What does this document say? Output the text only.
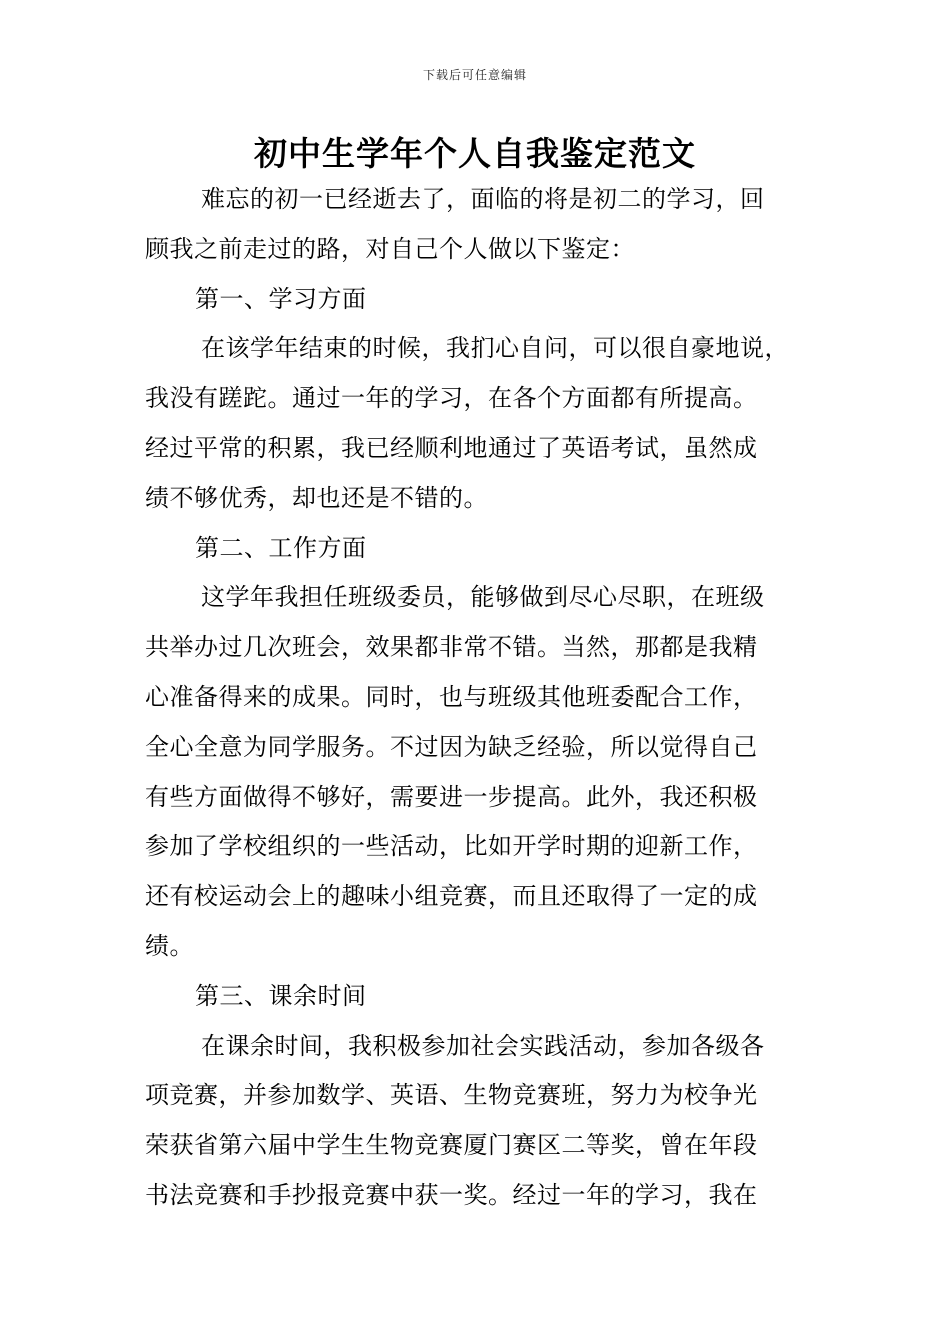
下载后可任意编辑
初中生学年个人自我鉴定范文
难忘的初一已经逝去了，面临的将是初二的学习，回
顾我之前走过的路，对自己个人做以下鉴定：
第一、学习方面
在该学年结束的时候，我扪心自问，可以很自豪地说，
我没有蹉跎。通过一年的学习，在各个方面都有所提高。
经过平常的积累，我已经顺利地通过了英语考试，虽然成
绩不够优秀，却也还是不错的。
第二、工作方面
这学年我担任班级委员，能够做到尽心尽职，在班级
共举办过几次班会，效果都非常不错。当然，那都是我精
心准备得来的成果。同时，也与班级其他班委配合工作，
全心全意为同学服务。不过因为缺乏经验，所以觉得自己
有些方面做得不够好，需要进一步提高。此外，我还积极
参加了学校组织的一些活动，比如开学时期的迎新工作，
还有校运动会上的趣味小组竞赛，而且还取得了一定的成
绩。
第三、课余时间
在课余时间，我积极参加社会实践活动，参加各级各
项竞赛，并参加数学、英语、生物竞赛班，努力为校争光
荣获省第六届中学生生物竞赛厦门赛区二等奖，曾在年段
书法竞赛和手抄报竞赛中获一奖。经过一年的学习，我在
